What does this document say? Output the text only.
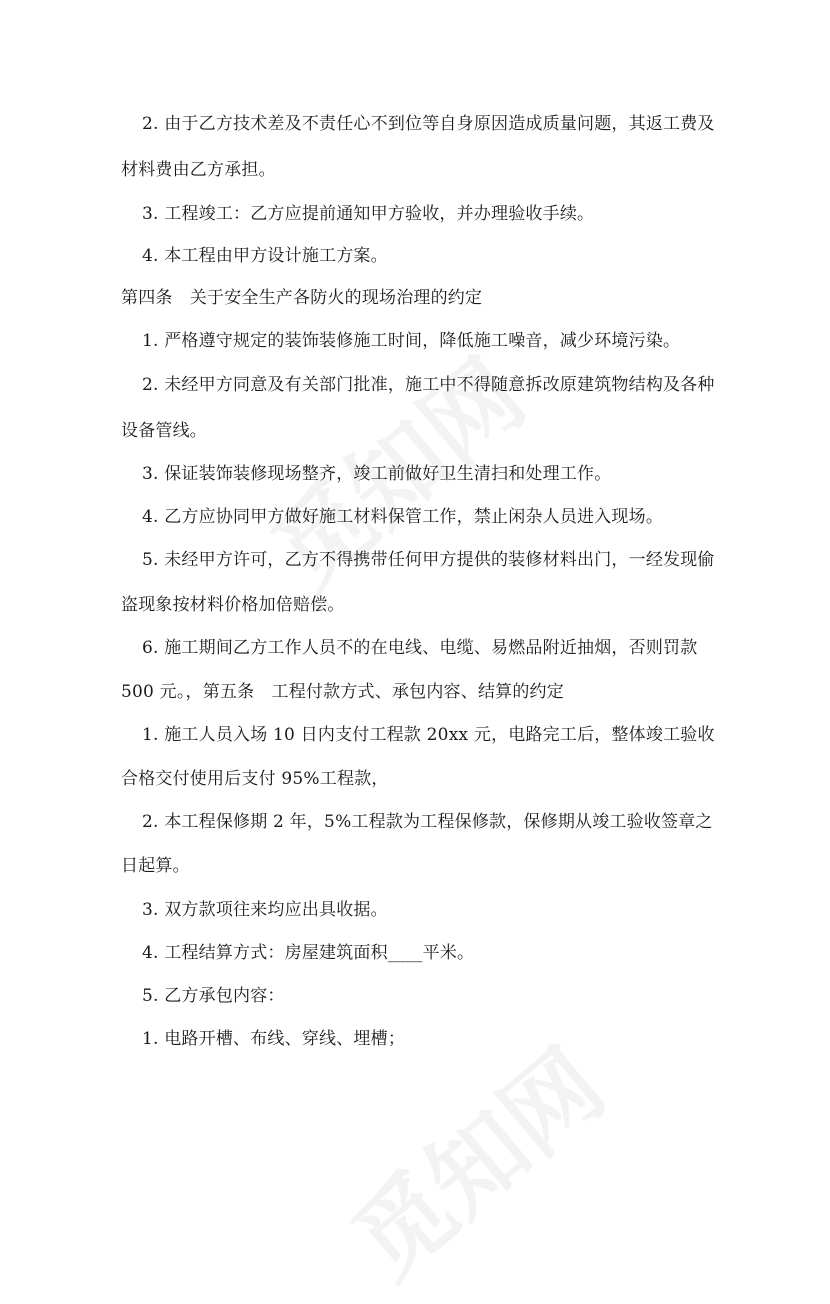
2. 由于乙方技术差及不责任心不到位等自身原因造成质量问题，其返工费及
材料费由乙方承担。
3. 工程竣工：乙方应提前通知甲方验收，并办理验收手续。
4. 本工程由甲方设计施工方案。
第四条　关于安全生产各防火的现场治理的约定
1. 严格遵守规定的装饰装修施工时间，降低施工噪音，减少环境污染。
2. 未经甲方同意及有关部门批准，施工中不得随意拆改原建筑物结构及各种
设备管线。
3. 保证装饰装修现场整齐，竣工前做好卫生清扫和处理工作。
4. 乙方应协同甲方做好施工材料保管工作，禁止闲杂人员进入现场。
5. 未经甲方许可，乙方不得携带任何甲方提供的装修材料出门，一经发现偷
盗现象按材料价格加倍赔偿。
6. 施工期间乙方工作人员不的在电线、电缆、易燃品附近抽烟，否则罚款
500 元。，第五条　工程付款方式、承包内容、结算的约定
1. 施工人员入场 10 日内支付工程款 20xx 元，电路完工后，整体竣工验收
合格交付使用后支付 95%工程款，
2. 本工程保修期 2 年，5%工程款为工程保修款，保修期从竣工验收签章之
日起算。
3. 双方款项往来均应出具收据。
4. 工程结算方式：房屋建筑面积____平米。
5. 乙方承包内容：
1. 电路开槽、布线、穿线、埋槽；
